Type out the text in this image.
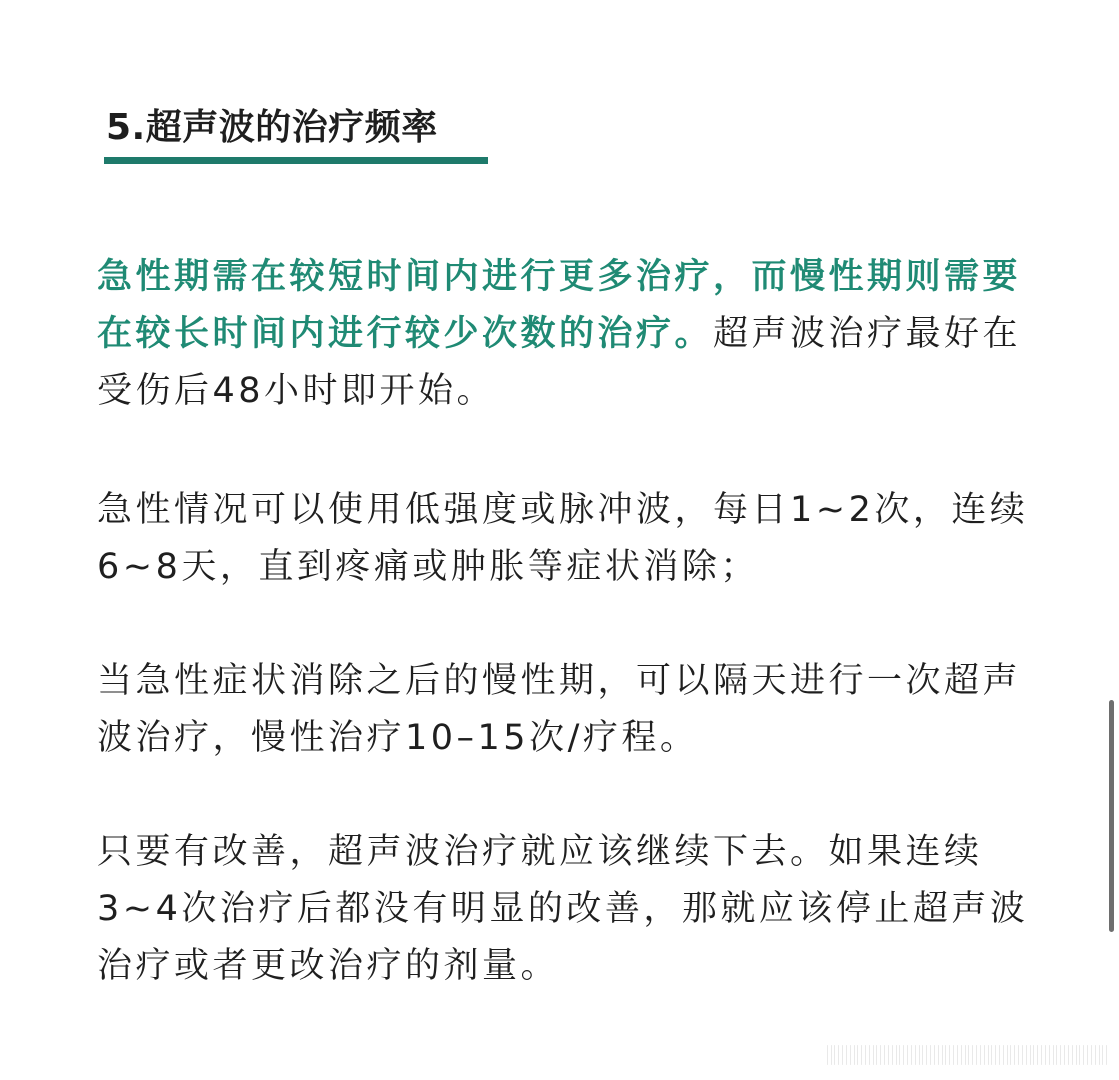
5.超声波的治疗频率

急性期需在较短时间内进行更多治疗，而慢性期则需要在较长时间内进行较少次数的治疗。超声波治疗最好在受伤后48小时即开始。

急性情况可以使用低强度或脉冲波，每日1~2次，连续6~8天，直到疼痛或肿胀等症状消除；

当急性症状消除之后的慢性期，可以隔天进行一次超声波治疗，慢性治疗10–15次/疗程。

只要有改善，超声波治疗就应该继续下去。如果连续3~4次治疗后都没有明显的改善，那就应该停止超声波治疗或者更改治疗的剂量。
